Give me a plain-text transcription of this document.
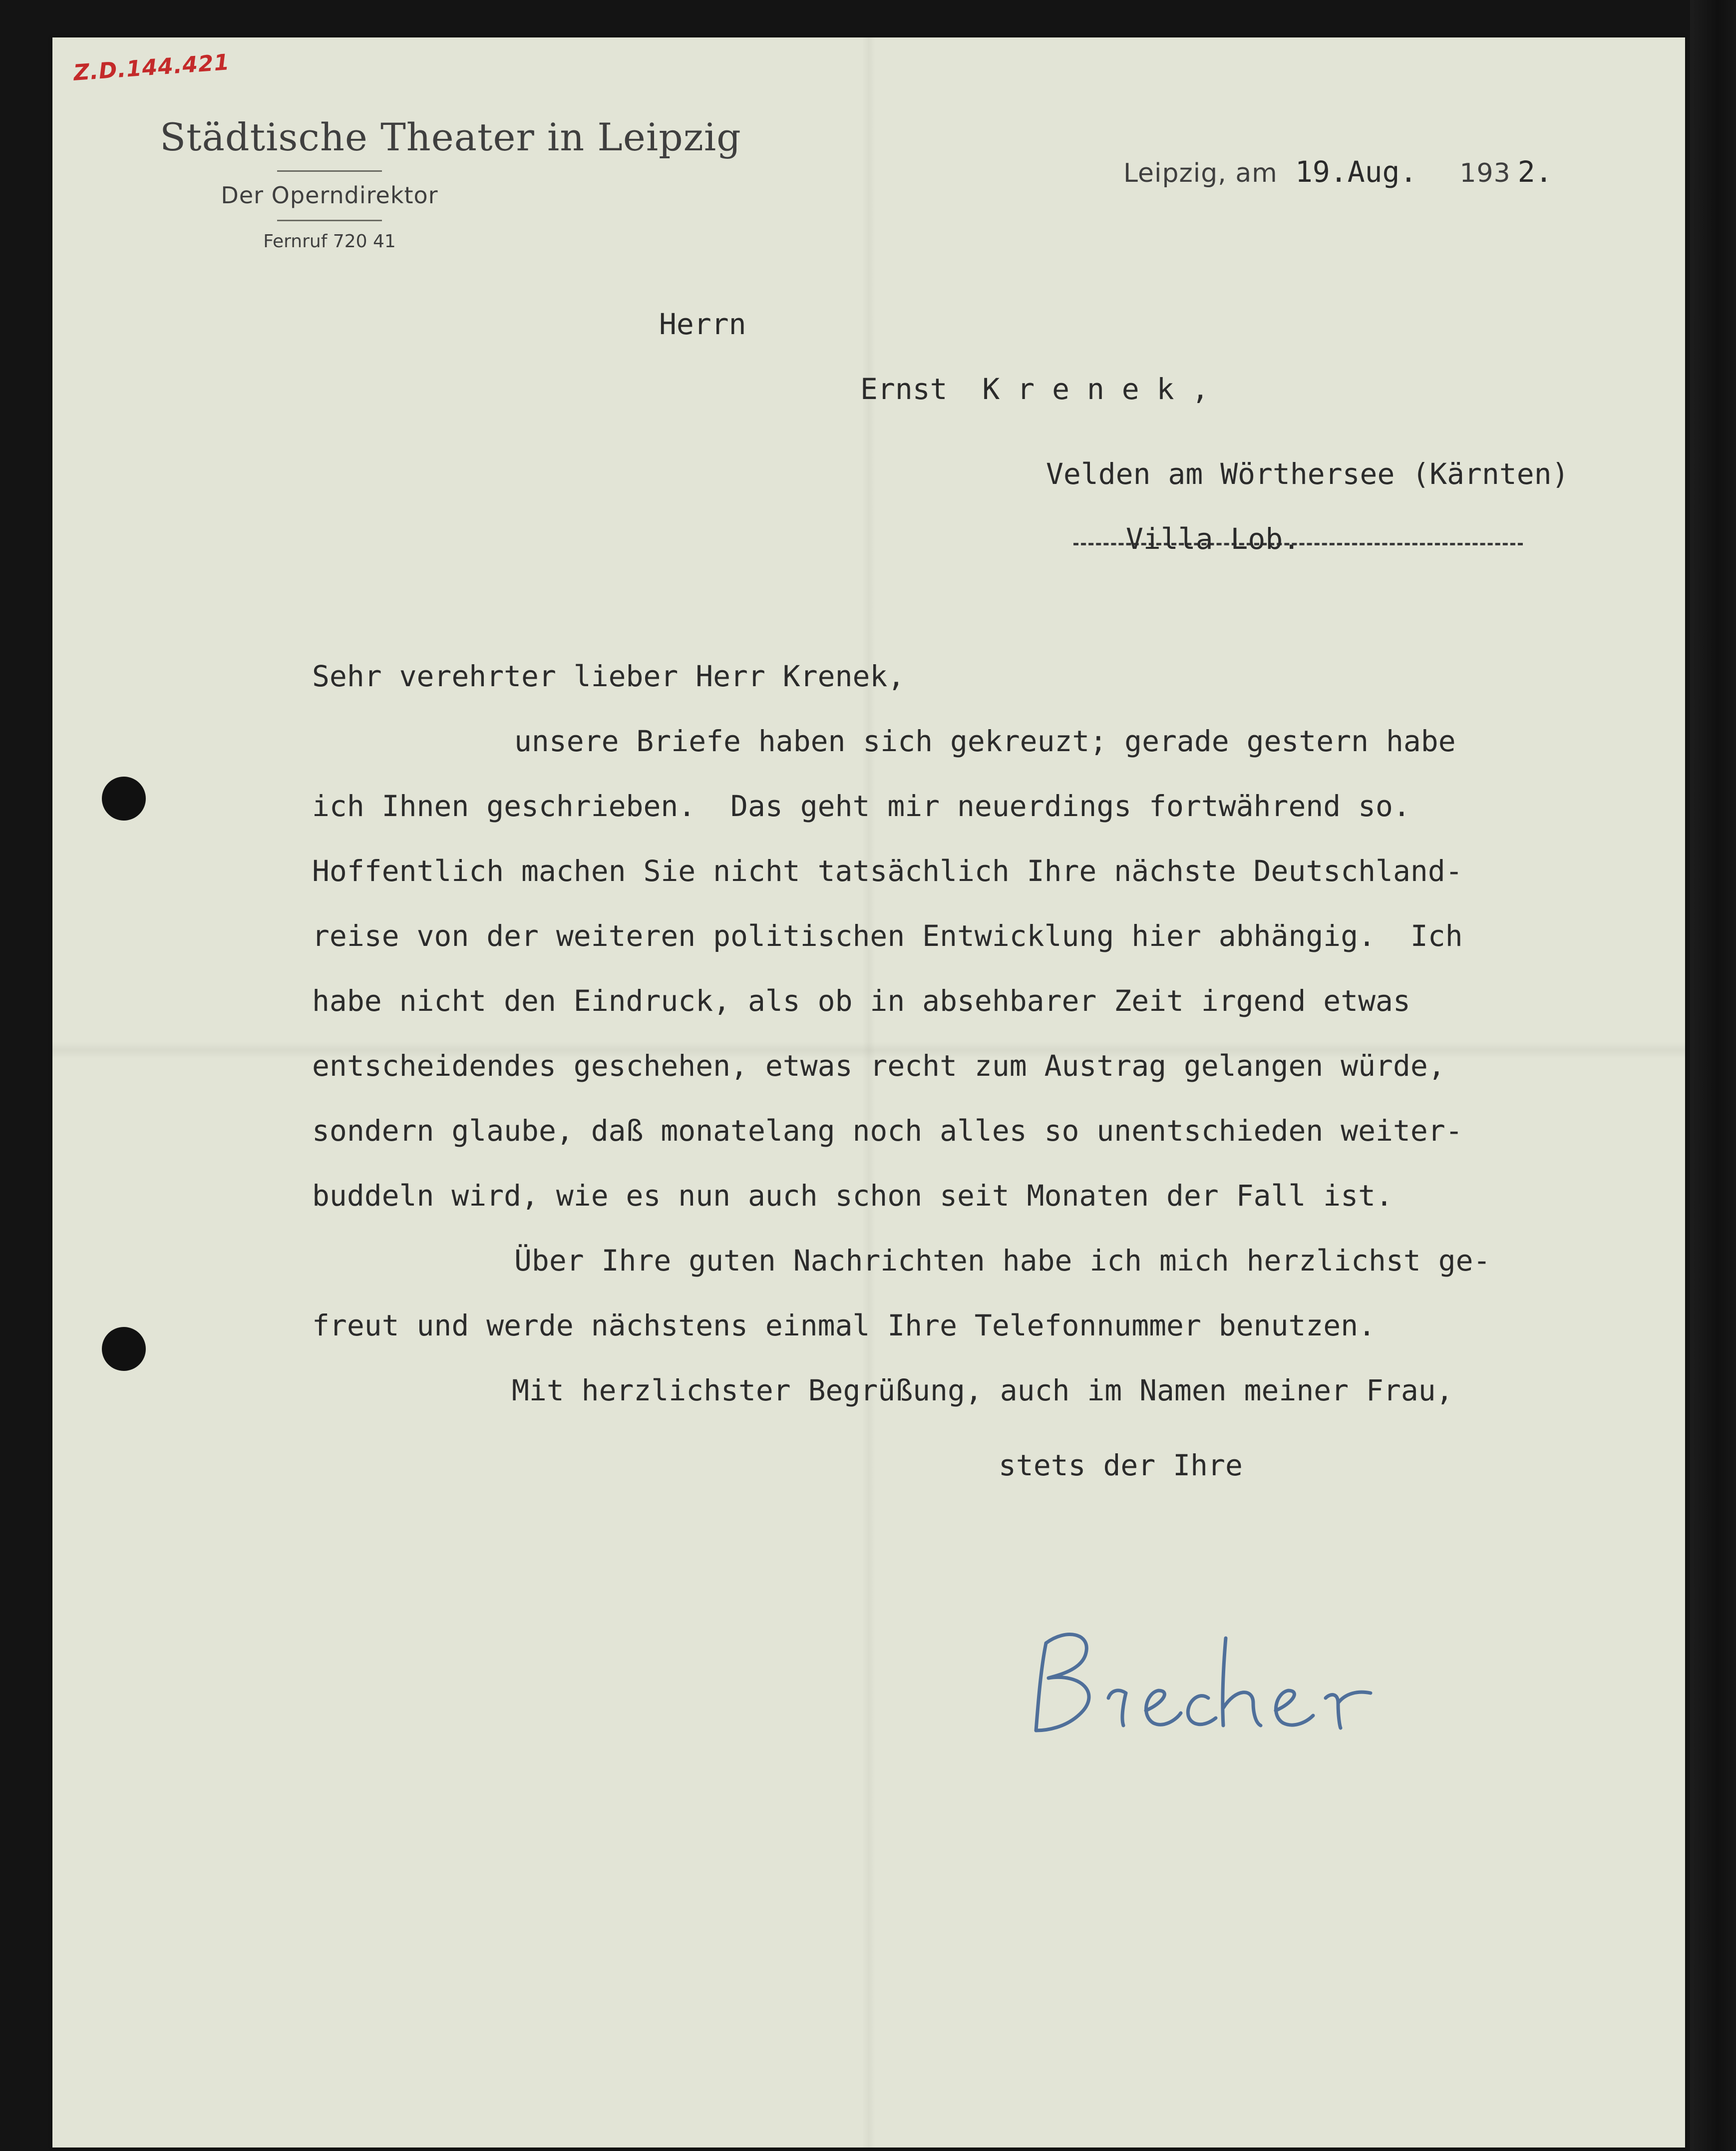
Z.D.144.421
Städtische Theater in Leipzig
Der Operndirektor
Fernruf 720 41
Leipzig, am 19.Aug. 193 2.
Herrn
Ernst  K r e n e k ,
Velden am Wörthersee (Kärnten)
Villa Lob.
Sehr verehrter lieber Herr Krenek,
unsere Briefe haben sich gekreuzt; gerade gestern habe
ich Ihnen geschrieben.  Das geht mir neuerdings fortwährend so.
Hoffentlich machen Sie nicht tatsächlich Ihre nächste Deutschland-
reise von der weiteren politischen Entwicklung hier abhängig.  Ich
habe nicht den Eindruck, als ob in absehbarer Zeit irgend etwas
entscheidendes geschehen, etwas recht zum Austrag gelangen würde,
sondern glaube, daß monatelang noch alles so unentschieden weiter-
buddeln wird, wie es nun auch schon seit Monaten der Fall ist.
Über Ihre guten Nachrichten habe ich mich herzlichst ge-
freut und werde nächstens einmal Ihre Telefonnummer benutzen.
Mit herzlichster Begrüßung, auch im Namen meiner Frau,
stets der Ihre
